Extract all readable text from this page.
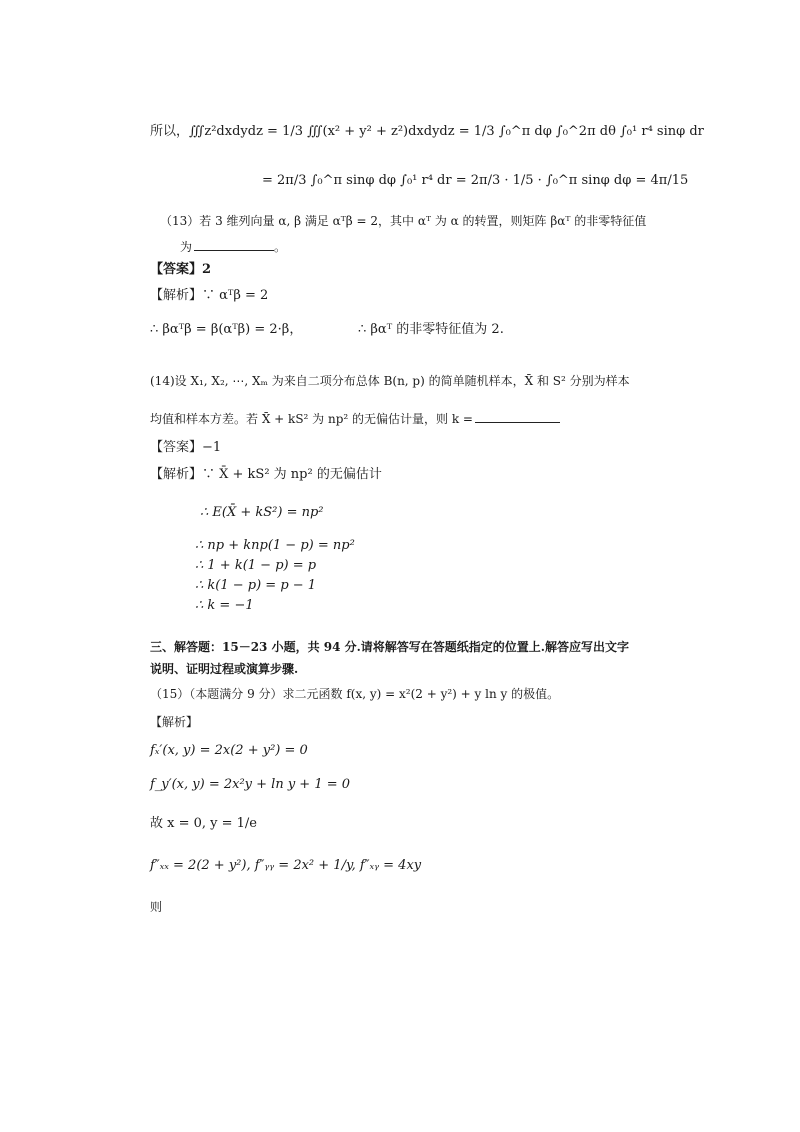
所以，∭z²dxdydz = 1/3 ∭(x² + y² + z²)dxdydz = 1/3 ∫₀^π dφ ∫₀^2π dθ ∫₀¹ r⁴ sinφ dr
= 2π/3 ∫₀^π sinφ dφ ∫₀¹ r⁴ dr = 2π/3 · 1/5 · ∫₀^π sinφ dφ = 4π/15
（13）若 3 维列向量 α, β 满足 αᵀβ = 2，其中 αᵀ 为 α 的转置，则矩阵 βαᵀ 的非零特征值
为	。
【答案】2
【解析】∵ αᵀβ = 2
∴ βαᵀβ = β(αᵀβ) = 2·β，	∴ βαᵀ 的非零特征值为 2.
(14)设 X₁, X₂, ⋯, Xₘ 为来自二项分布总体 B(n, p) 的简单随机样本，X̄ 和 S² 分别为样本
均值和样本方差。若 X̄ + kS² 为 np² 的无偏估计量，则 k =
【答案】−1
【解析】∵ X̄ + kS² 为 np² 的无偏估计
∴ E(X̄ + kS²) = np²
∴ np + knp(1 − p) = np²
∴ 1 + k(1 − p) = p
∴ k(1 − p) = p − 1
∴ k = −1
三、解答题：15－23 小题，共 94 分.请将解答写在答题纸指定的位置上.解答应写出文字
说明、证明过程或演算步骤.
（15）（本题满分 9 分）求二元函数 f(x, y) = x²(2 + y²) + y ln y 的极值。
【解析】
fₓ′(x, y) = 2x(2 + y²) = 0
f_y′(x, y) = 2x²y + ln y + 1 = 0
故 x = 0, y = 1/e
f″ₓₓ = 2(2 + y²), f″ᵧᵧ = 2x² + 1/y, f″ₓᵧ = 4xy
则
